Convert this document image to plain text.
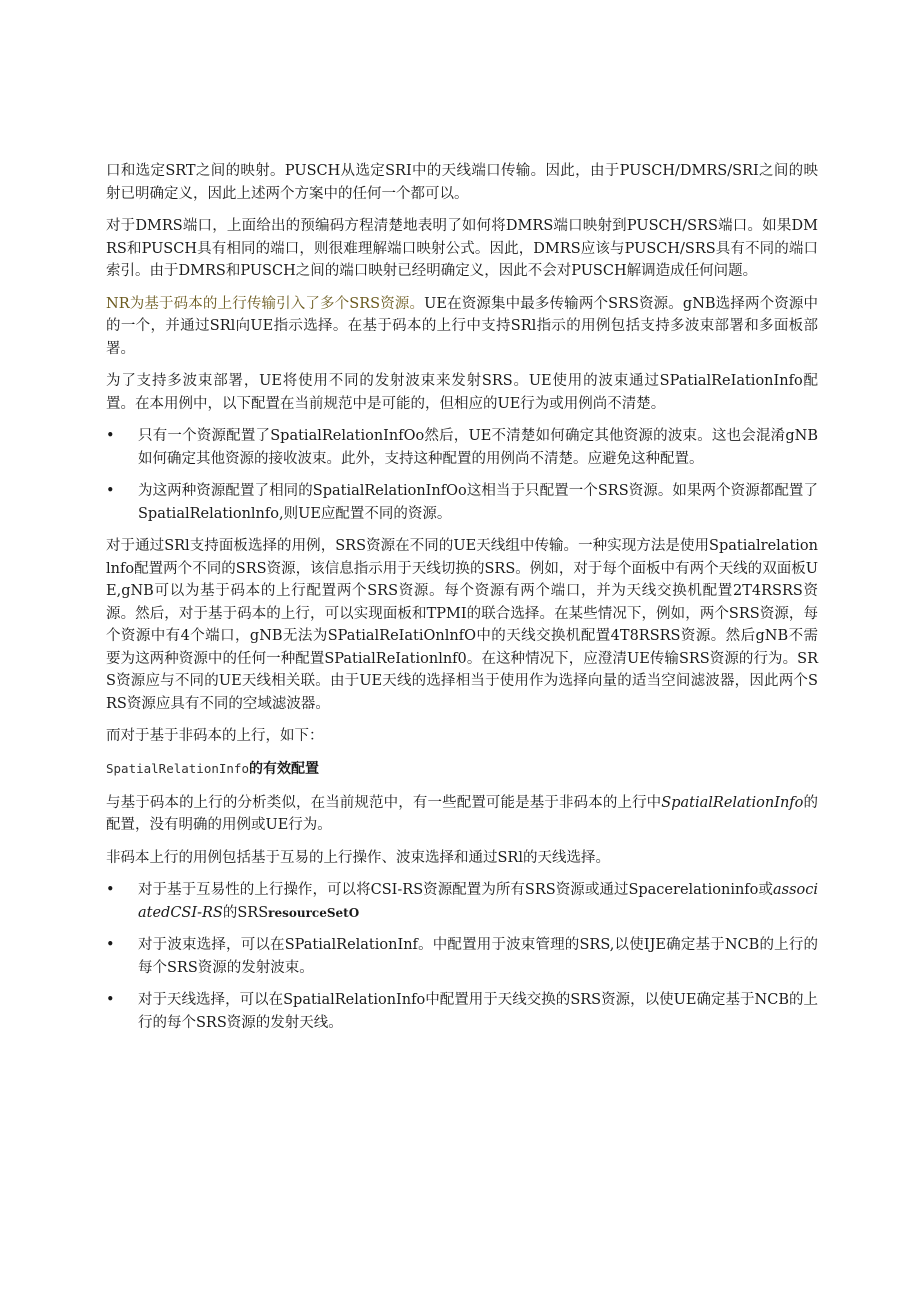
口和选定SRT之间的映射。PUSCH从选定SRI中的天线端口传输。因此，由于PUSCH/DMRS/SRI之间的映射已明确定义，因此上述两个方案中的任何一个都可以。

对于DMRS端口，上面给出的预编码方程清楚地表明了如何将DMRS端口映射到PUSCH/SRS端口。如果DMRS和PUSCH具有相同的端口，则很难理解端口映射公式。因此，DMRS应该与PUSCH/SRS具有不同的端口索引。由于DMRS和PUSCH之间的端口映射已经明确定义，因此不会对PUSCH解调造成任何问题。

NR为基于码本的上行传输引入了多个SRS资源。UE在资源集中最多传输两个SRS资源。gNB选择两个资源中的一个，并通过SRl向UE指示选择。在基于码本的上行中支持SRl指示的用例包括支持多波束部署和多面板部署。

为了支持多波束部署，UE将使用不同的发射波束来发射SRS。UE使用的波束通过SPatialReIationInfo配置。在本用例中，以下配置在当前规范中是可能的，但相应的UE行为或用例尚不清楚。

• 只有一个资源配置了SpatialRelationInfOo然后，UE不清楚如何确定其他资源的波束。这也会混淆gNB如何确定其他资源的接收波束。此外，支持这种配置的用例尚不清楚。应避免这种配置。
• 为这两种资源配置了相同的SpatialRelationInfOo这相当于只配置一个SRS资源。如果两个资源都配置了SpatialRelationlnfo,则UE应配置不同的资源。

对于通过SRl支持面板选择的用例，SRS资源在不同的UE天线组中传输。一种实现方法是使用Spatialrelationlnfo配置两个不同的SRS资源，该信息指示用于天线切换的SRS。例如，对于每个面板中有两个天线的双面板UE,gNB可以为基于码本的上行配置两个SRS资源。每个资源有两个端口，并为天线交换机配置2T4RSRS资源。然后，对于基于码本的上行，可以实现面板和TPMI的联合选择。在某些情况下，例如，两个SRS资源，每个资源中有4个端口，gNB无法为SPatialReIatiOnlnfO中的天线交换机配置4T8RSRS资源。然后gNB不需要为这两种资源中的任何一种配置SPatialReIationlnf0。在这种情况下，应澄清UE传输SRS资源的行为。SRS资源应与不同的UE天线相关联。由于UE天线的选择相当于使用作为选择向量的适当空间滤波器，因此两个SRS资源应具有不同的空域滤波器。

而对于基于非码本的上行，如下：

SpatialRelationInfo的有效配置

与基于码本的上行的分析类似，在当前规范中，有一些配置可能是基于非码本的上行中SpatialRelationInfo的配置，没有明确的用例或UE行为。

非码本上行的用例包括基于互易的上行操作、波束选择和通过SRl的天线选择。

• 对于基于互易性的上行操作，可以将CSI-RS资源配置为所有SRS资源或通过Spacerelationinfo或associatedCSI-RS的SRSresourceSetO
• 对于波束选择，可以在SPatialRelationInf。中配置用于波束管理的SRS,以使IJE确定基于NCB的上行的每个SRS资源的发射波束。
• 对于天线选择，可以在SpatialRelationInfo中配置用于天线交换的SRS资源，以使UE确定基于NCB的上行的每个SRS资源的发射天线。
